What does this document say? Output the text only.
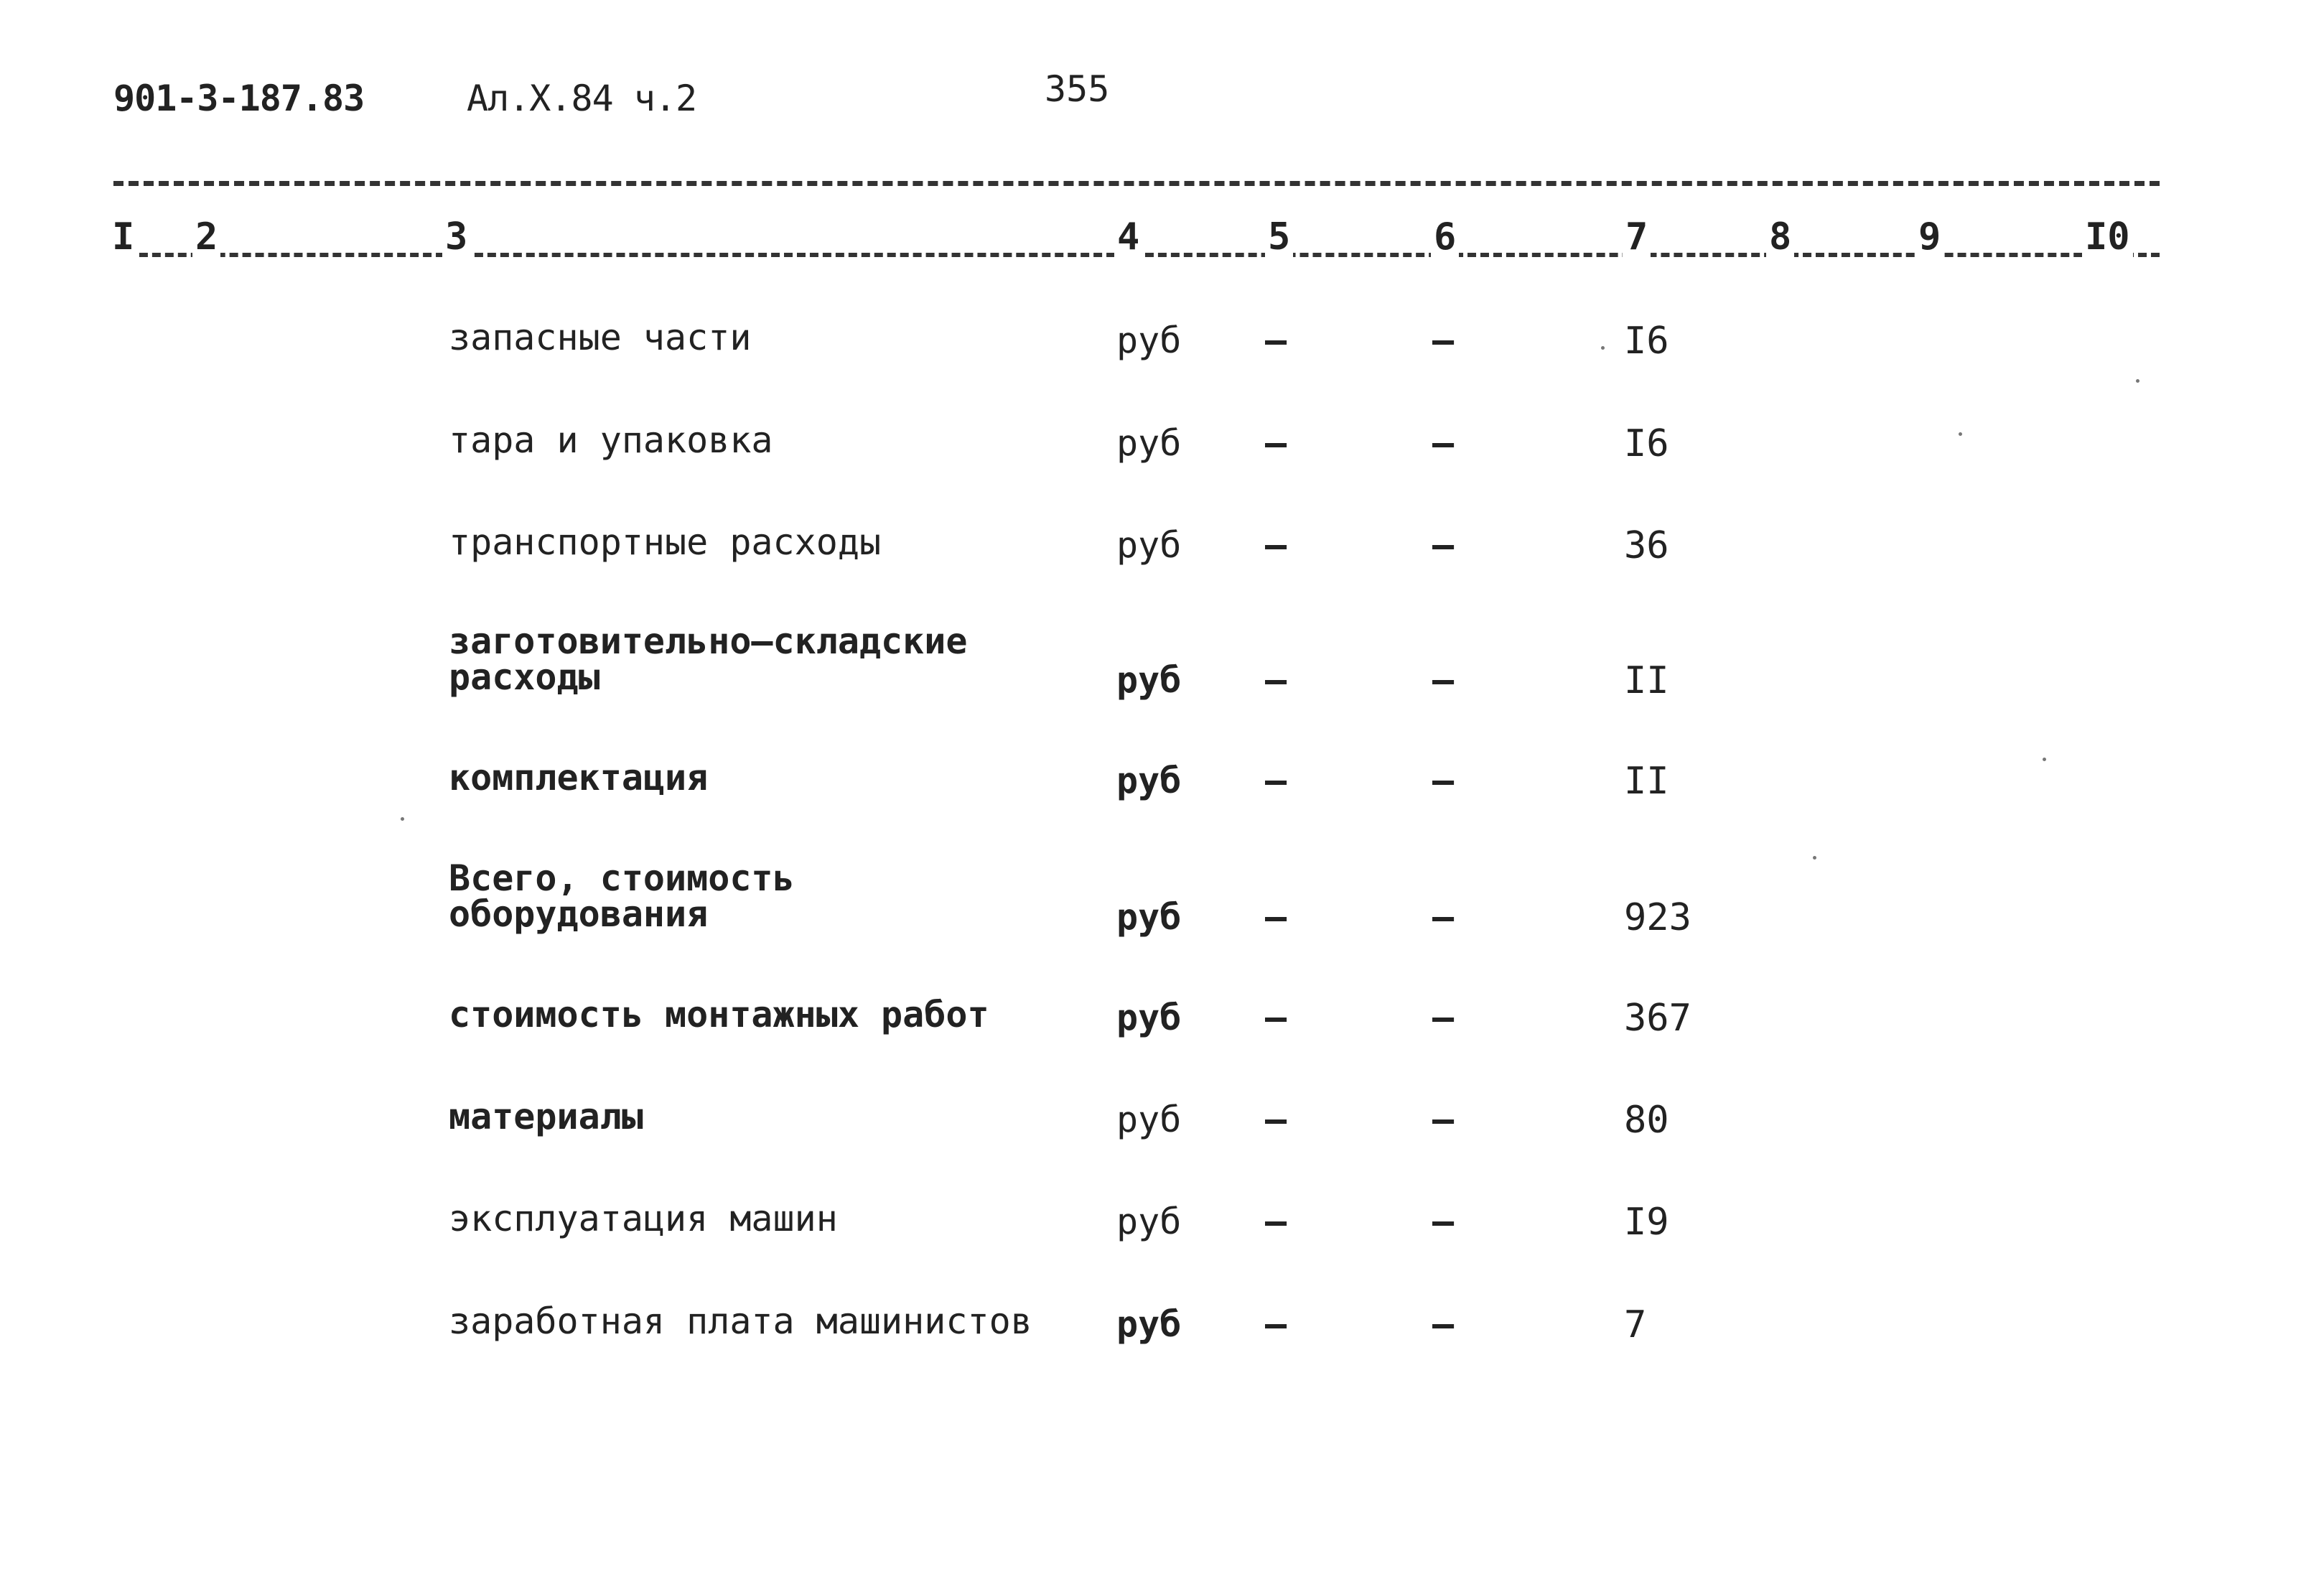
901-3-187.83	Ал.X.84 ч.2	355
I 2	3	4	5	6	7	8	9	I0
запасные части	руб –	–	I6
тара и упаковка	руб –	–	I6
транспортные расходы	руб –	–	36
заготовительно–складские
расходы	руб –	–	II
комплектация	руб –	–	II
Всего, стоимость
оборудования	руб –	–	923
стоимость монтажных работ	руб –	–	367
материалы	руб –	–	80
эксплуатация машин	руб –	–	I9
заработная плата машинистов руб –	–	7
